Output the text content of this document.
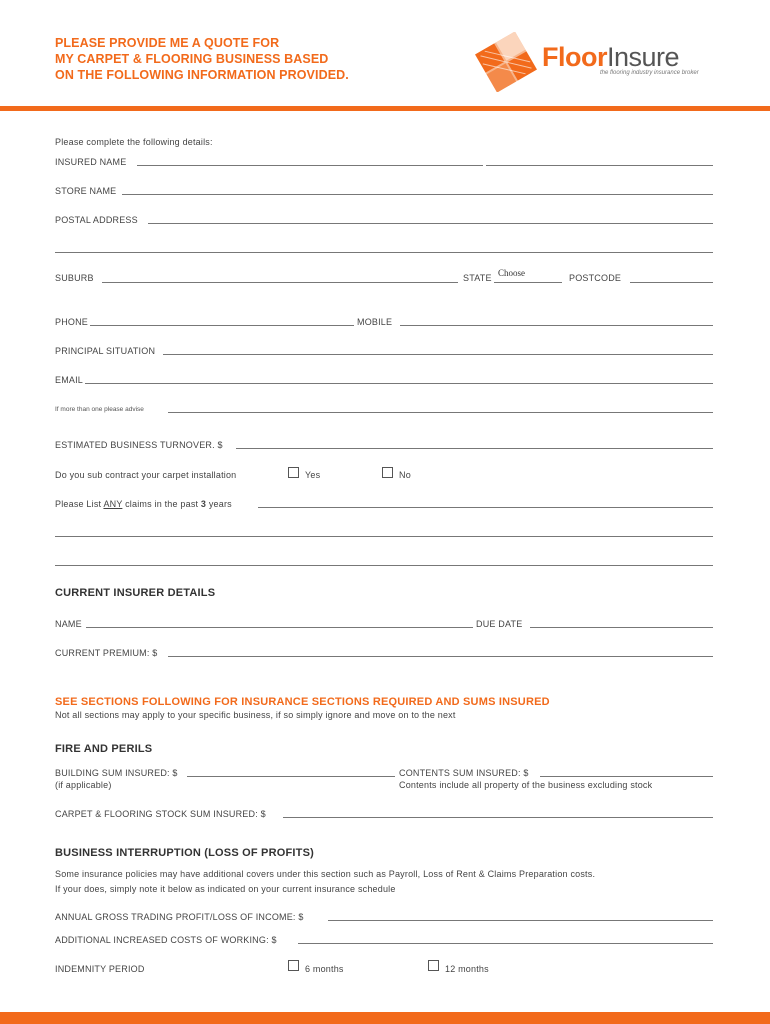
PLEASE PROVIDE ME A QUOTE FOR
MY CARPET & FLOORING BUSINESS BASED
ON THE FOLLOWING INFORMATION PROVIDED.
FloorInsure
the flooring industry insurance broker
Please complete the following details:
INSURED NAME
STORE NAME
POSTAL ADDRESS
SUBURB	STATE Choose	POSTCODE
PHONE	MOBILE
PRINCIPAL SITUATION
EMAIL
If more than one please advise
ESTIMATED BUSINESS TURNOVER. $
Do you sub contract your carpet installation	Yes	No
Please List ANY claims in the past 3 years
CURRENT INSURER DETAILS
NAME	DUE DATE
CURRENT PREMIUM: $
SEE SECTIONS FOLLOWING FOR INSURANCE SECTIONS REQUIRED AND SUMS INSURED
Not all sections may apply to your specific business, if so simply ignore and move on to the next
FIRE AND PERILS
BUILDING SUM INSURED: $
(if applicable)
CONTENTS SUM INSURED: $
Contents include all property of the business excluding stock
CARPET & FLOORING STOCK SUM INSURED: $
BUSINESS INTERRUPTION (LOSS OF PROFITS)
Some insurance policies may have additional covers under this section such as Payroll, Loss of Rent & Claims Preparation costs.
If your does, simply note it below as indicated on your current insurance schedule
ANNUAL GROSS TRADING PROFIT/LOSS OF INCOME: $
ADDITIONAL INCREASED COSTS OF WORKING: $
INDEMNITY PERIOD	6 months	12 months
